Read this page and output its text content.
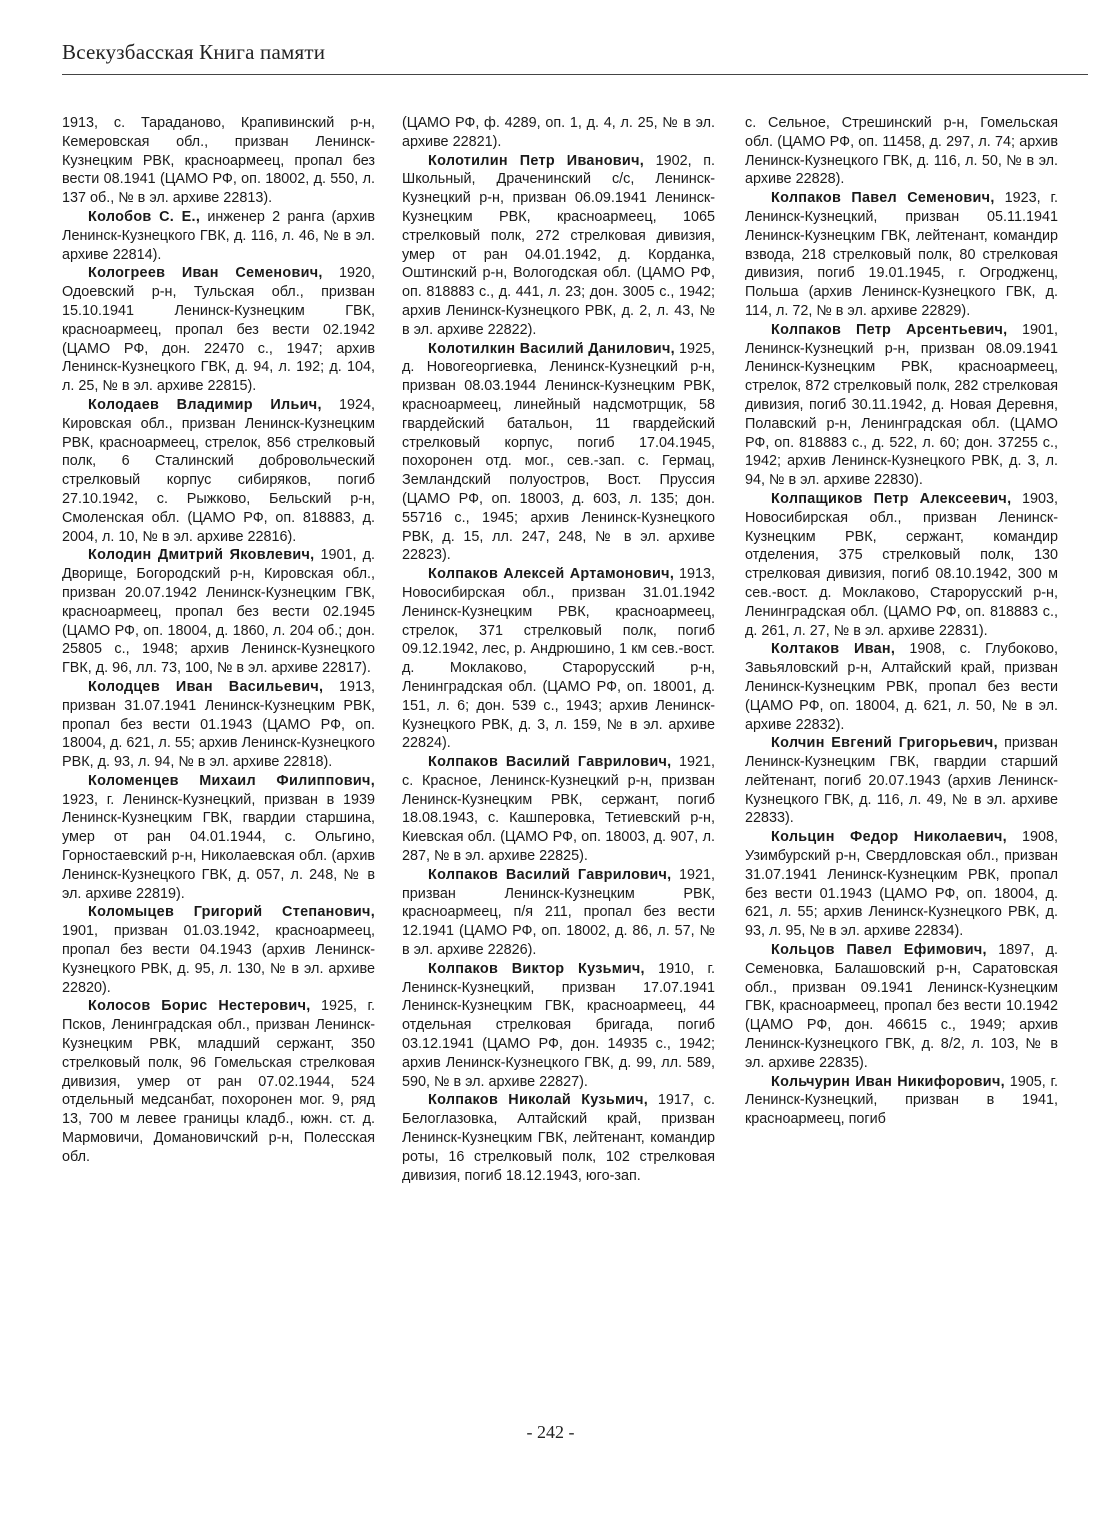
Всекузбасская Книга памяти

1913, с. Тараданово, Крапивинский р-н, Кемеровская обл., призван Ленинск-Кузнецким РВК, красноармеец, пропал без вести 08.1941 (ЦАМО РФ, оп. 18002, д. 550, л. 137 об., № в эл. архиве 22813).

Колобов С. Е., инженер 2 ранга (архив Ленинск-Кузнецкого ГВК, д. 116, л. 46, № в эл. архиве 22814).

Кологреев Иван Семенович, 1920, Одоевский р-н, Тульская обл., призван 15.10.1941 Ленинск-Кузнецким ГВК, красноармеец, пропал без вести 02.1942 (ЦАМО РФ, дон. 22470 с., 1947; архив Ленинск-Кузнецкого ГВК, д. 94, л. 192; д. 104, л. 25, № в эл. архиве 22815).

Колодаев Владимир Ильич, 1924, Кировская обл., призван Ленинск-Кузнецким РВК, красноармеец, стрелок, 856 стрелковый полк, 6 Сталинский добровольческий стрелковый корпус сибиряков, погиб 27.10.1942, с. Рыжково, Бельский р-н, Смоленская обл. (ЦАМО РФ, оп. 818883, д. 2004, л. 10, № в эл. архиве 22816).

Колодин Дмитрий Яковлевич, 1901, д. Дворище, Богородский р-н, Кировская обл., призван 20.07.1942 Ленинск-Кузнецким ГВК, красноармеец, пропал без вести 02.1945 (ЦАМО РФ, оп. 18004, д. 1860, л. 204 об.; дон. 25805 с., 1948; архив Ленинск-Кузнецкого ГВК, д. 96, лл. 73, 100, № в эл. архиве 22817).

Колодцев Иван Васильевич, 1913, призван 31.07.1941 Ленинск-Кузнецким РВК, пропал без вести 01.1943 (ЦАМО РФ, оп. 18004, д. 621, л. 55; архив Ленинск-Кузнецкого РВК, д. 93, л. 94, № в эл. архиве 22818).

Коломенцев Михаил Филиппович, 1923, г. Ленинск-Кузнецкий, призван в 1939 Ленинск-Кузнецким ГВК, гвардии старшина, умер от ран 04.01.1944, с. Ольгино, Горностаевский р-н, Николаевская обл. (архив Ленинск-Кузнецкого ГВК, д. 057, л. 248, № в эл. архиве 22819).

Коломыцев Григорий Степанович, 1901, призван 01.03.1942, красноармеец, пропал без вести 04.1943 (архив Ленинск-Кузнецкого РВК, д. 95, л. 130, № в эл. архиве 22820).

Колосов Борис Нестерович, 1925, г. Псков, Ленинградская обл., призван Ленинск-Кузнецким РВК, младший сержант, 350 стрелковый полк, 96 Гомельская стрелковая дивизия, умер от ран 07.02.1944, 524 отдельный медсанбат, похоронен мог. 9, ряд 13, 700 м левее границы кладб., южн. ст. д. Мармовичи, Домановичский р-н, Полесская обл.

(ЦАМО РФ, ф. 4289, оп. 1, д. 4, л. 25, № в эл. архиве 22821).

Колотилин Петр Иванович, 1902, п. Школьный, Драченинский с/с, Ленинск-Кузнецкий р-н, призван 06.09.1941 Ленинск-Кузнецким РВК, красноармеец, 1065 стрелковый полк, 272 стрелковая дивизия, умер от ран 04.01.1942, д. Корданка, Оштинский р-н, Вологодская обл. (ЦАМО РФ, оп. 818883 с., д. 441, л. 23; дон. 3005 с., 1942; архив Ленинск-Кузнецкого РВК, д. 2, л. 43, № в эл. архиве 22822).

Колотилкин Василий Данилович, 1925, д. Новогеоргиевка, Ленинск-Кузнецкий р-н, призван 08.03.1944 Ленинск-Кузнецким РВК, красноармеец, линейный надсмотрщик, 58 гвардейский батальон, 11 гвардейский стрелковый корпус, погиб 17.04.1945, похоронен отд. мог., сев.-зап. с. Гермац, Земландский полуостров, Вост. Пруссия (ЦАМО РФ, оп. 18003, д. 603, л. 135; дон. 55716 с., 1945; архив Ленинск-Кузнецкого РВК, д. 15, лл. 247, 248, № в эл. архиве 22823).

Колпаков Алексей Артамонович, 1913, Новосибирская обл., призван 31.01.1942 Ленинск-Кузнецким РВК, красноармеец, стрелок, 371 стрелковый полк, погиб 09.12.1942, лес, р. Андрюшино, 1 км сев.-вост. д. Моклаково, Старорусский р-н, Ленинградская обл. (ЦАМО РФ, оп. 18001, д. 151, л. 6; дон. 539 с., 1943; архив Ленинск-Кузнецкого РВК, д. 3, л. 159, № в эл. архиве 22824).

Колпаков Василий Гаврилович, 1921, с. Красное, Ленинск-Кузнецкий р-н, призван Ленинск-Кузнецким РВК, сержант, погиб 18.08.1943, с. Кашперовка, Тетиевский р-н, Киевская обл. (ЦАМО РФ, оп. 18003, д. 907, л. 287, № в эл. архиве 22825).

Колпаков Василий Гаврилович, 1921, призван Ленинск-Кузнецким РВК, красноармеец, п/я 211, пропал без вести 12.1941 (ЦАМО РФ, оп. 18002, д. 86, л. 57, № в эл. архиве 22826).

Колпаков Виктор Кузьмич, 1910, г. Ленинск-Кузнецкий, призван 17.07.1941 Ленинск-Кузнецким ГВК, красноармеец, 44 отдельная стрелковая бригада, погиб 03.12.1941 (ЦАМО РФ, дон. 14935 с., 1942; архив Ленинск-Кузнецкого ГВК, д. 99, лл. 589, 590, № в эл. архиве 22827).

Колпаков Николай Кузьмич, 1917, с. Белоглазовка, Алтайский край, призван Ленинск-Кузнецким ГВК, лейтенант, командир роты, 16 стрелковый полк, 102 стрелковая дивизия, погиб 18.12.1943, юго-зап.

с. Сельное, Стрешинский р-н, Гомельская обл. (ЦАМО РФ, оп. 11458, д. 297, л. 74; архив Ленинск-Кузнецкого ГВК, д. 116, л. 50, № в эл. архиве 22828).

Колпаков Павел Семенович, 1923, г. Ленинск-Кузнецкий, призван 05.11.1941 Ленинск-Кузнецким ГВК, лейтенант, командир взвода, 218 стрелковый полк, 80 стрелковая дивизия, погиб 19.01.1945, г. Огродженц, Польша (архив Ленинск-Кузнецкого ГВК, д. 114, л. 72, № в эл. архиве 22829).

Колпаков Петр Арсентьевич, 1901, Ленинск-Кузнецкий р-н, призван 08.09.1941 Ленинск-Кузнецким РВК, красноармеец, стрелок, 872 стрелковый полк, 282 стрелковая дивизия, погиб 30.11.1942, д. Новая Деревня, Полавский р-н, Ленинградская обл. (ЦАМО РФ, оп. 818883 с., д. 522, л. 60; дон. 37255 с., 1942; архив Ленинск-Кузнецкого РВК, д. 3, л. 94, № в эл. архиве 22830).

Колпащиков Петр Алексеевич, 1903, Новосибирская обл., призван Ленинск-Кузнецким РВК, сержант, командир отделения, 375 стрелковый полк, 130 стрелковая дивизия, погиб 08.10.1942, 300 м сев.-вост. д. Моклаково, Старорусский р-н, Ленинградская обл. (ЦАМО РФ, оп. 818883 с., д. 261, л. 27, № в эл. архиве 22831).

Колтаков Иван, 1908, с. Глубоково, Завьяловский р-н, Алтайский край, призван Ленинск-Кузнецким РВК, пропал без вести (ЦАМО РФ, оп. 18004, д. 621, л. 50, № в эл. архиве 22832).

Колчин Евгений Григорьевич, призван Ленинск-Кузнецким ГВК, гвардии старший лейтенант, погиб 20.07.1943 (архив Ленинск-Кузнецкого ГВК, д. 116, л. 49, № в эл. архиве 22833).

Кольцин Федор Николаевич, 1908, Узимбурский р-н, Свердловская обл., призван 31.07.1941 Ленинск-Кузнецким РВК, пропал без вести 01.1943 (ЦАМО РФ, оп. 18004, д. 621, л. 55; архив Ленинск-Кузнецкого РВК, д. 93, л. 95, № в эл. архиве 22834).

Кольцов Павел Ефимович, 1897, д. Семеновка, Балашовский р-н, Саратовская обл., призван 09.1941 Ленинск-Кузнецким ГВК, красноармеец, пропал без вести 10.1942 (ЦАМО РФ, дон. 46615 с., 1949; архив Ленинск-Кузнецкого ГВК, д. 8/2, л. 103, № в эл. архиве 22835).

Кольчурин Иван Никифорович, 1905, г. Ленинск-Кузнецкий, призван в 1941, красноармеец, погиб

- 242 -
